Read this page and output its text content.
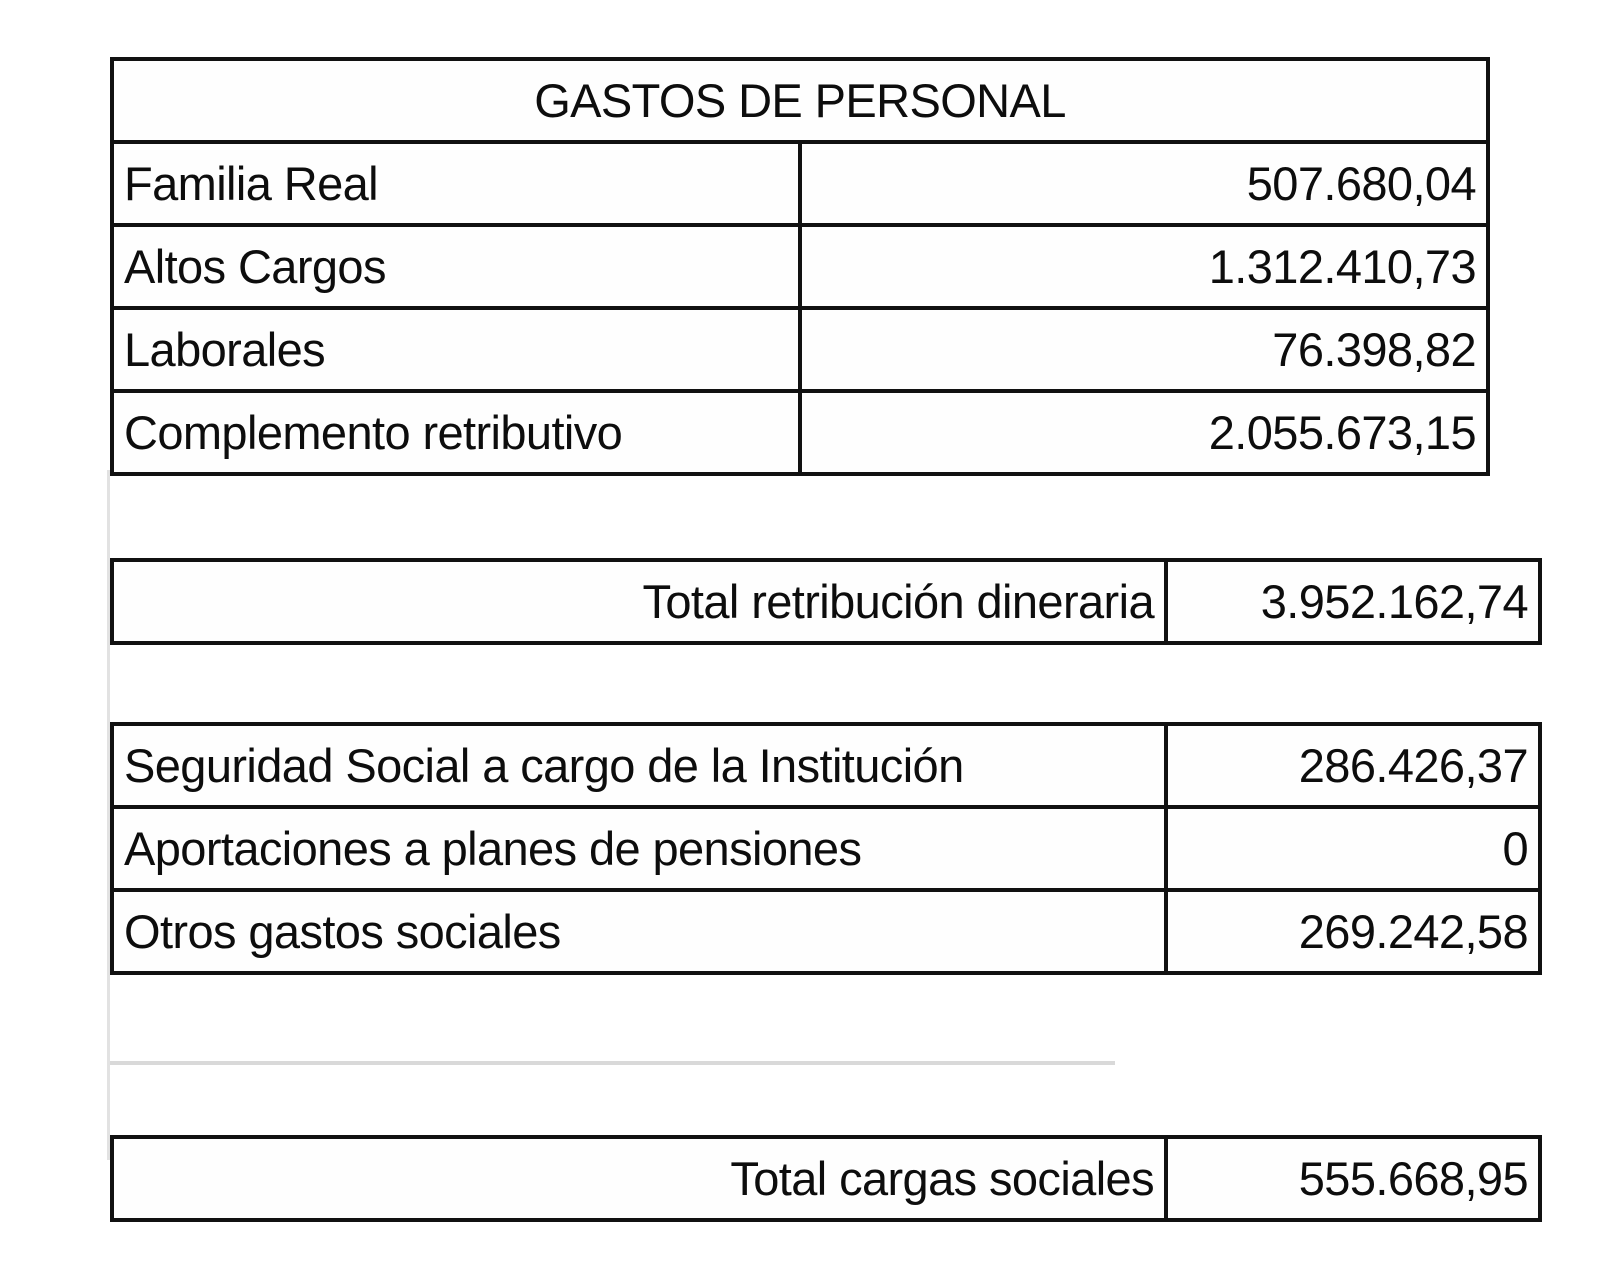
GASTOS DE PERSONAL	
Familia Real	507.680,04
Altos Cargos	1.312.410,73
Laborales	76.398,82
Complemento retributivo	2.055.673,15
Total retribución dineraria	3.952.162,74
Seguridad Social a cargo de la Institución	286.426,37
Aportaciones a planes de pensiones	0
Otros gastos sociales	269.242,58
Total cargas sociales	555.668,95
